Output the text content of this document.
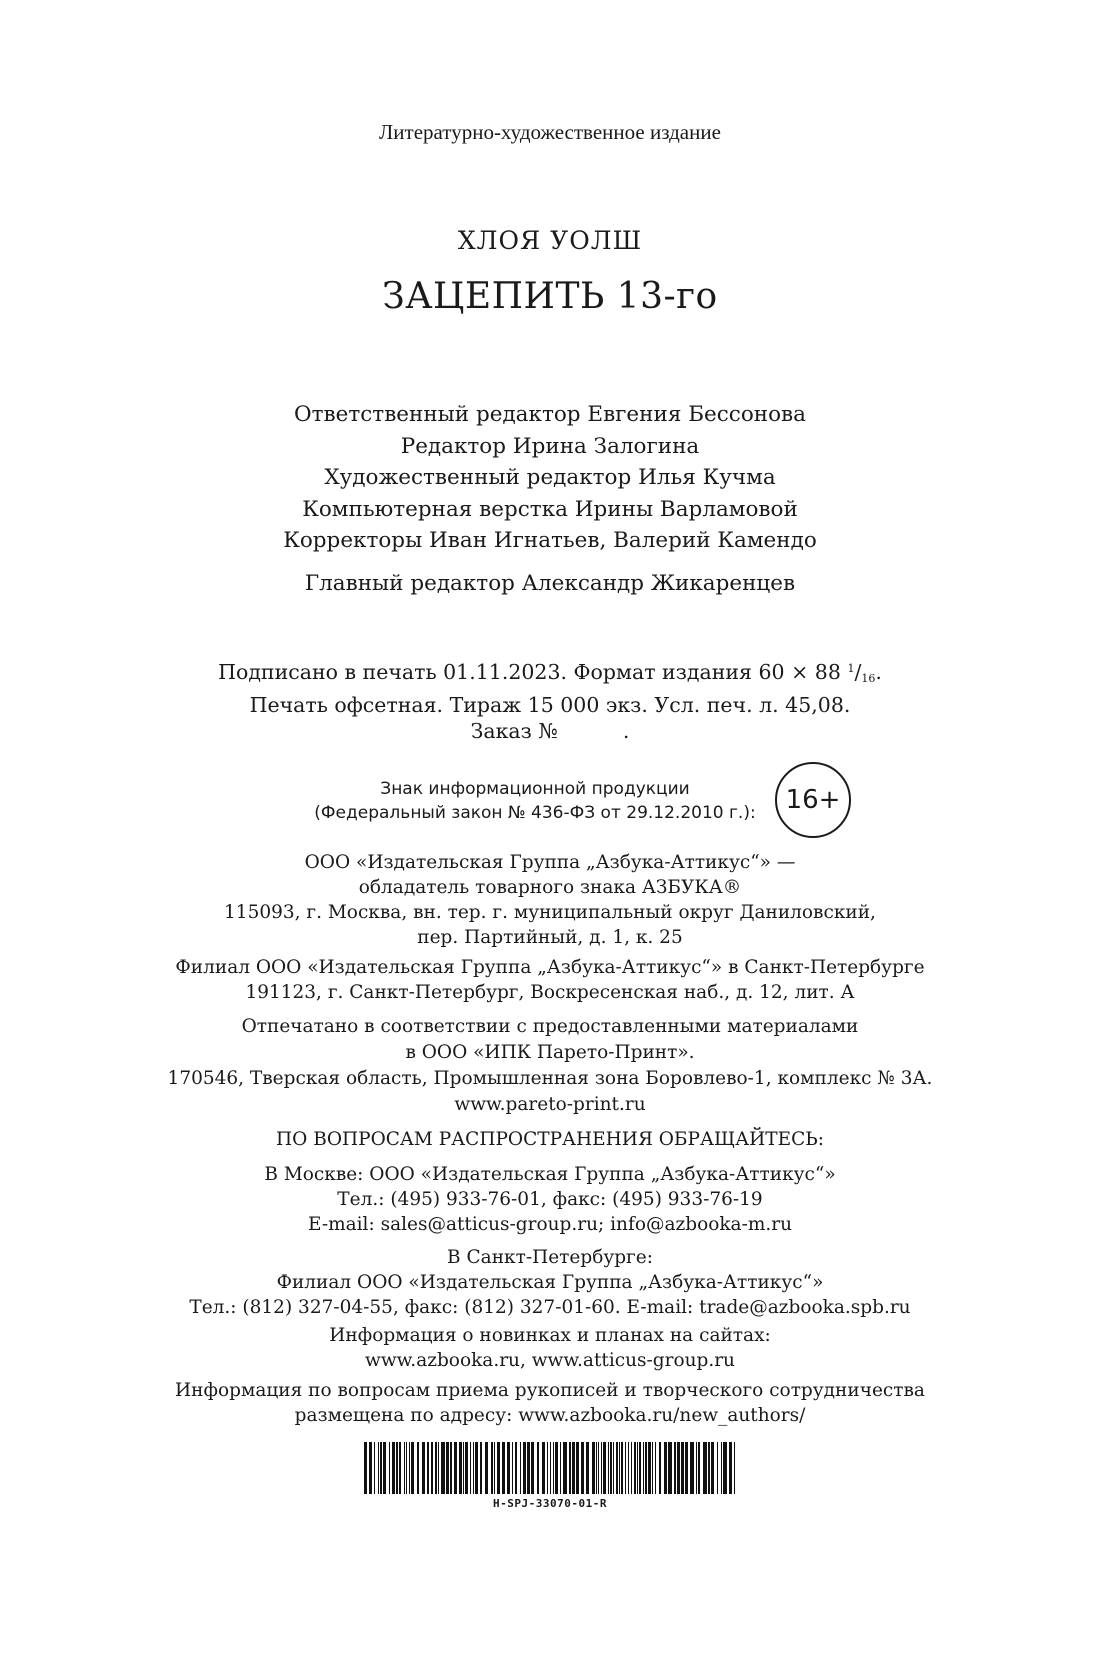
Литературно-художественное издание
ХЛОЯ УОЛШ
ЗАЦЕПИТЬ 13-го
Ответственный редактор Евгения Бессонова
Редактор Ирина Залогина
Художественный редактор Илья Кучма
Компьютерная верстка Ирины Варламовой
Корректоры Иван Игнатьев, Валерий Камендо
Главный редактор Александр Жикаренцев
Подписано в печать 01.11.2023. Формат издания 60 × 88 $^1/_{16}$.
Печать офсетная. Тираж 15 000 экз. Усл. печ. л. 45,08.
Заказ №          .
Знак информационной продукции
(Федеральный закон № 436-ФЗ от 29.12.2010 г.):	16+
ООО «Издательская Группа „Азбука-Аттикус“» —
обладатель товарного знака АЗБУКА®
115093, г. Москва, вн. тер. г. муниципальный округ Даниловский,
пер. Партийный, д. 1, к. 25
Филиал ООО «Издательская Группа „Азбука-Аттикус“» в Санкт-Петербурге
191123, г. Санкт-Петербург, Воскресенская наб., д. 12, лит. А
Отпечатано в соответствии с предоставленными материалами
в ООО «ИПК Парето-Принт».
170546, Тверская область, Промышленная зона Боровлево-1, комплекс № 3А.
www.pareto-print.ru
ПО ВОПРОСАМ РАСПРОСТРАНЕНИЯ ОБРАЩАЙТЕСЬ:
В Москве: ООО «Издательская Группа „Азбука-Аттикус“»
Тел.: (495) 933-76-01, факс: (495) 933-76-19
E-mail: sales@atticus-group.ru; info@azbooka-m.ru
В Санкт-Петербурге:
Филиал ООО «Издательская Группа „Азбука-Аттикус“»
Тел.: (812) 327-04-55, факс: (812) 327-01-60. E-mail: trade@azbooka.spb.ru
Информация о новинках и планах на сайтах:
www.azbooka.ru, www.atticus-group.ru
Информация по вопросам приема рукописей и творческого сотрудничества
размещена по адресу: www.azbooka.ru/new_authors/
H-SPJ-33070-01-R
